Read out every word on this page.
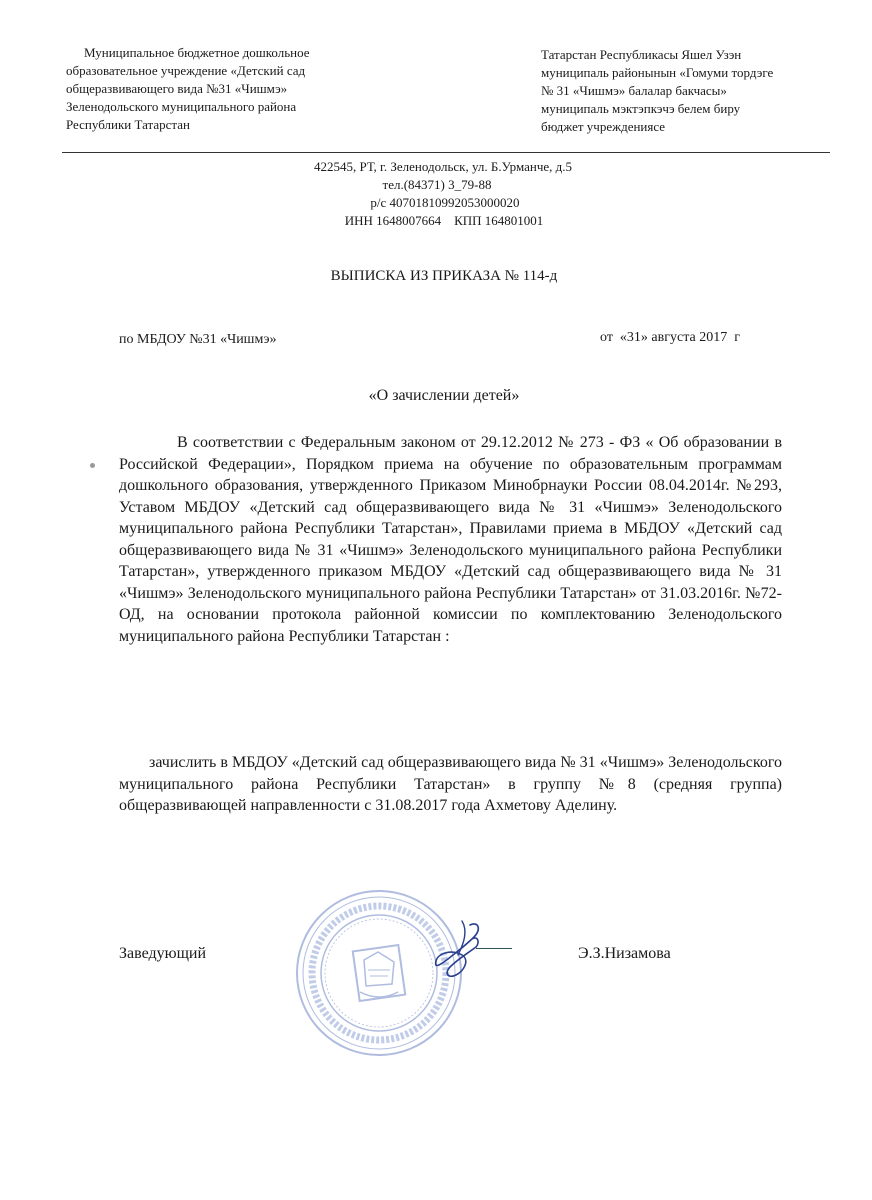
Муниципальное бюджетное дошкольное
образовательное учреждение «Детский сад
общеразвивающего вида №31 «Чишмэ»
Зеленодольского муниципального района
Республики Татарстан
Татарстан Республикасы Яшел Узэн
муниципаль районынын «Гомуми тордэге
№ 31 «Чишмэ» балалар бакчасы»
муниципаль мэктэпкэчэ белем биру
бюджет учреждениясе
422545, РТ, г. Зеленодольск, ул. Б.Урманче, д.5
тел.(84371) 3_79-88
р/с 40701810992053000020
ИНН 1648007664    КПП 164801001
ВЫПИСКА ИЗ ПРИКАЗА № 114-д
по МБДОУ №31 «Чишмэ»	от  «31» августа 2017  г
«О зачислении детей»
В соответствии с Федеральным законом от 29.12.2012 № 273 - ФЗ « Об образовании в Российской Федерации», Порядком приема на обучение по образовательным программам дошкольного образования, утвержденного Приказом Минобрнауки России 08.04.2014г. №293, Уставом МБДОУ «Детский сад общеразвивающего вида № 31 «Чишмэ» Зеленодольского муниципального района Республики Татарстан», Правилами приема в МБДОУ «Детский сад общеразвивающего вида № 31 «Чишмэ» Зеленодольского муниципального района Республики Татарстан», утвержденного приказом МБДОУ «Детский сад общеразвивающего вида № 31 «Чишмэ» Зеленодольского муниципального района Республики Татарстан» от 31.03.2016г. №72-ОД, на основании протокола районной комиссии по комплектованию Зеленодольского муниципального района Республики Татарстан :
зачислить в МБДОУ «Детский сад общеразвивающего вида № 31 «Чишмэ» Зеленодольского муниципального района Республики Татарстан» в группу №8 (средняя группа) общеразвивающей направленности с 31.08.2017 года Ахметову Аделину.
Заведующий	Э.З.Низамова
